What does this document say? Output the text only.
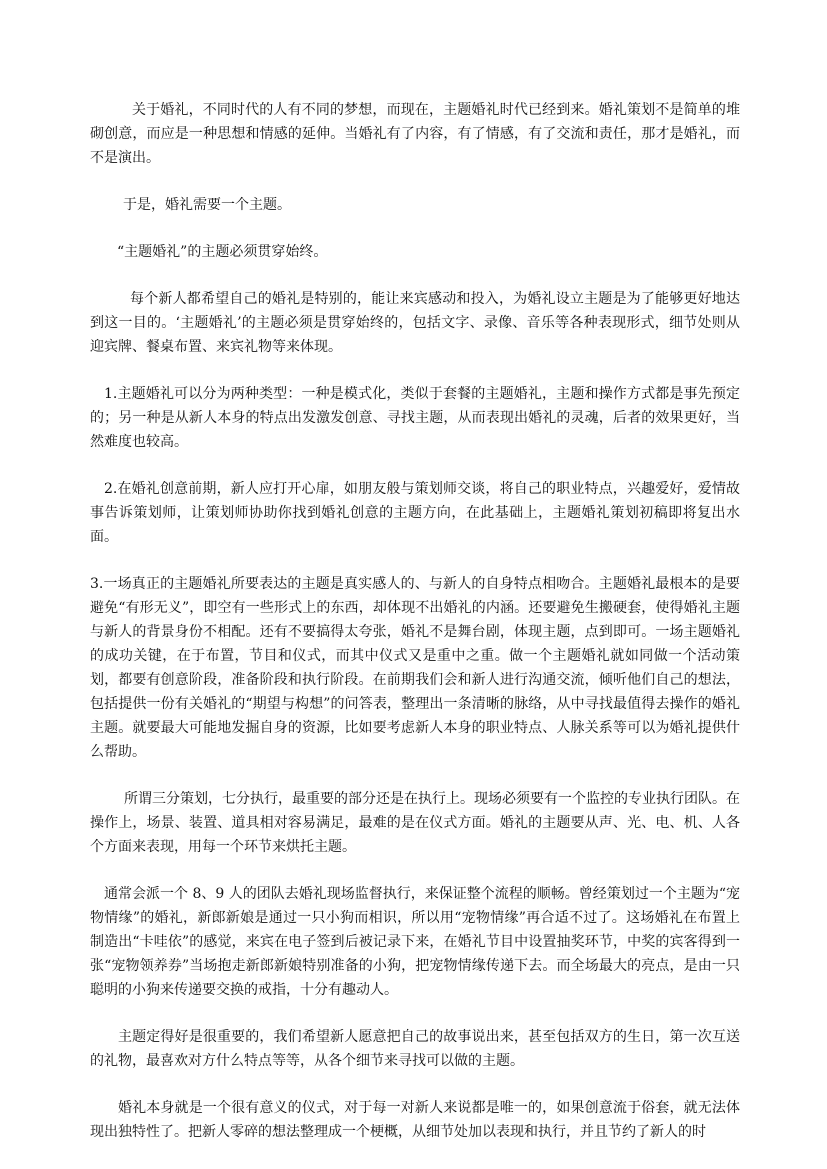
关于婚礼，不同时代的人有不同的梦想，而现在，主题婚礼时代已经到来。婚礼策划不是简单的堆砌创意，而应是一种思想和情感的延伸。当婚礼有了内容，有了情感，有了交流和责任，那才是婚礼，而不是演出。

于是，婚礼需要一个主题。

“主题婚礼”的主题必须贯穿始终。

每个新人都希望自己的婚礼是特别的，能让来宾感动和投入，为婚礼设立主题是为了能够更好地达到这一目的。‘主题婚礼’的主题必须是贯穿始终的，包括文字、录像、音乐等各种表现形式，细节处则从迎宾牌、餐桌布置、来宾礼物等来体现。

1.主题婚礼可以分为两种类型：一种是模式化，类似于套餐的主题婚礼，主题和操作方式都是事先预定的；另一种是从新人本身的特点出发激发创意、寻找主题，从而表现出婚礼的灵魂，后者的效果更好，当然难度也较高。

2.在婚礼创意前期，新人应打开心扉，如朋友般与策划师交谈，将自己的职业特点，兴趣爱好，爱情故事告诉策划师，让策划师协助你找到婚礼创意的主题方向，在此基础上，主题婚礼策划初稿即将复出水面。

3.一场真正的主题婚礼所要表达的主题是真实感人的、与新人的自身特点相吻合。主题婚礼最根本的是要避免“有形无义”，即空有一些形式上的东西，却体现不出婚礼的内涵。还要避免生搬硬套，使得婚礼主题与新人的背景身份不相配。还有不要搞得太夸张，婚礼不是舞台剧，体现主题，点到即可。一场主题婚礼的成功关键，在于布置，节目和仪式，而其中仪式又是重中之重。做一个主题婚礼就如同做一个活动策划，都要有创意阶段，准备阶段和执行阶段。在前期我们会和新人进行沟通交流，倾听他们自己的想法，包括提供一份有关婚礼的“期望与构想”的问答表，整理出一条清晰的脉络，从中寻找最值得去操作的婚礼主题。就要最大可能地发掘自身的资源，比如要考虑新人本身的职业特点、人脉关系等可以为婚礼提供什么帮助。

所谓三分策划，七分执行，最重要的部分还是在执行上。现场必须要有一个监控的专业执行团队。在操作上，场景、装置、道具相对容易满足，最难的是在仪式方面。婚礼的主题要从声、光、电、机、人各个方面来表现，用每一个环节来烘托主题。

通常会派一个 8、9 人的团队去婚礼现场监督执行，来保证整个流程的顺畅。曾经策划过一个主题为“宠物情缘”的婚礼，新郎新娘是通过一只小狗而相识，所以用“宠物情缘”再合适不过了。这场婚礼在布置上制造出“卡哇依”的感觉，来宾在电子签到后被记录下来，在婚礼节目中设置抽奖环节，中奖的宾客得到一张“宠物领养券”当场抱走新郎新娘特别准备的小狗，把宠物情缘传递下去。而全场最大的亮点，是由一只聪明的小狗来传递要交换的戒指，十分有趣动人。

主题定得好是很重要的，我们希望新人愿意把自己的故事说出来，甚至包括双方的生日，第一次互送的礼物，最喜欢对方什么特点等等，从各个细节来寻找可以做的主题。

婚礼本身就是一个很有意义的仪式，对于每一对新人来说都是唯一的，如果创意流于俗套，就无法体现出独特性了。把新人零碎的想法整理成一个梗概，从细节处加以表现和执行，并且节约了新人的时
